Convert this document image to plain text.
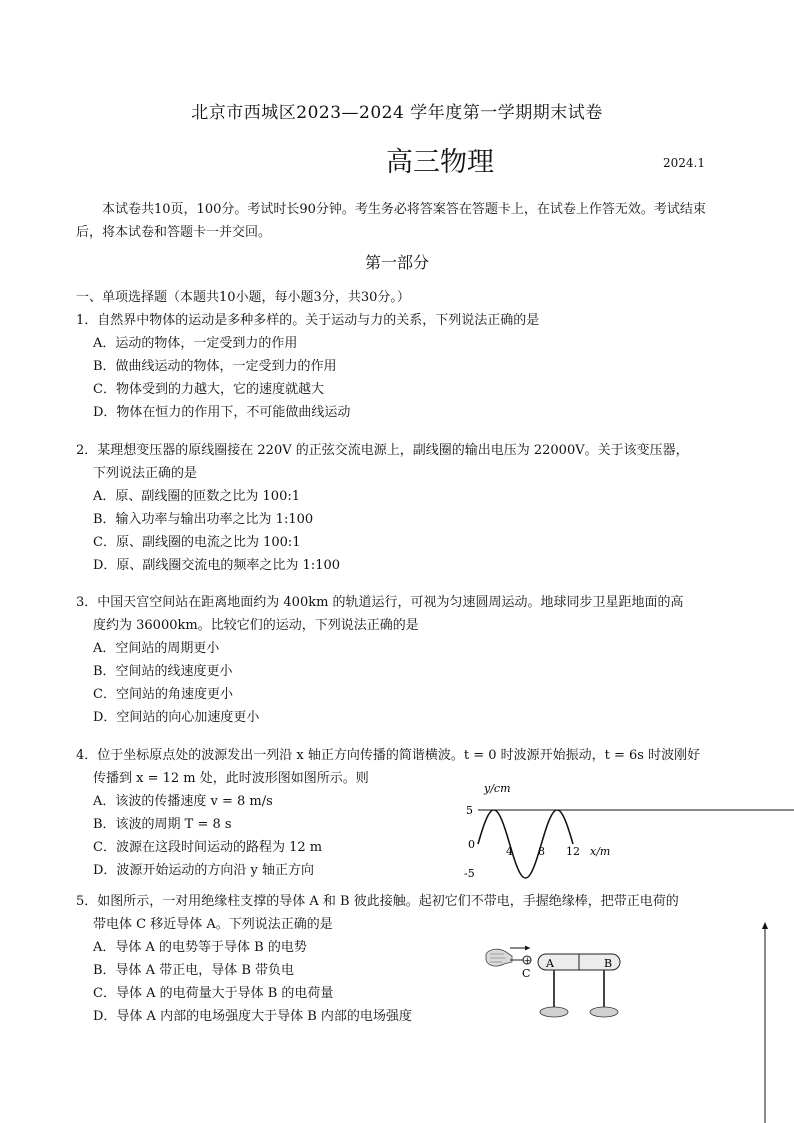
北京市西城区2023—2024 学年度第一学期期末试卷
高三物理	2024.1
本试卷共10页，100分。考试时长90分钟。考生务必将答案答在答题卡上，在试卷上作答无效。考试结束后，将本试卷和答题卡一并交回。
第一部分
一、单项选择题（本题共10小题，每小题3分，共30分。）
1．自然界中物体的运动是多种多样的。关于运动与力的关系，下列说法正确的是
A．运动的物体，一定受到力的作用
B．做曲线运动的物体，一定受到力的作用
C．物体受到的力越大，它的速度就越大
D．物体在恒力的作用下，不可能做曲线运动
2．某理想变压器的原线圈接在 220V 的正弦交流电源上，副线圈的输出电压为 22000V。关于该变压器，
下列说法正确的是
A．原、副线圈的匝数之比为 100:1
B．输入功率与输出功率之比为 1:100
C．原、副线圈的电流之比为 100:1
D．原、副线圈交流电的频率之比为 1:100
3．中国天宫空间站在距离地面约为 400km 的轨道运行，可视为匀速圆周运动。地球同步卫星距地面的高
度约为 36000km。比较它们的运动，下列说法正确的是
A．空间站的周期更小
B．空间站的线速度更小
C．空间站的角速度更小
D．空间站的向心加速度更小
4．位于坐标原点处的波源发出一列沿 x 轴正方向传播的简谐横波。t = 0 时波源开始振动，t = 6s 时波刚好
传播到 x = 12 m 处，此时波形图如图所示。则
A．该波的传播速度 v = 8 m/s
B．该波的周期 T = 8 s
C．波源在这段时间运动的路程为 12 m
D．波源开始运动的方向沿 y 轴正方向
5．如图所示，一对用绝缘柱支撑的导体 A 和 B 彼此接触。起初它们不带电，手握绝缘棒，把带正电荷的
带电体 C 移近导体 A。下列说法正确的是
A．导体 A 的电势等于导体 B 的电势
B．导体 A 带正电，导体 B 带负电
C．导体 A 的电荷量大于导体 B 的电荷量
D．导体 A 内部的电场强度大于导体 B 内部的电场强度
y/cm
5
0
-5
4 8 12 x/m
+
C
A	B
